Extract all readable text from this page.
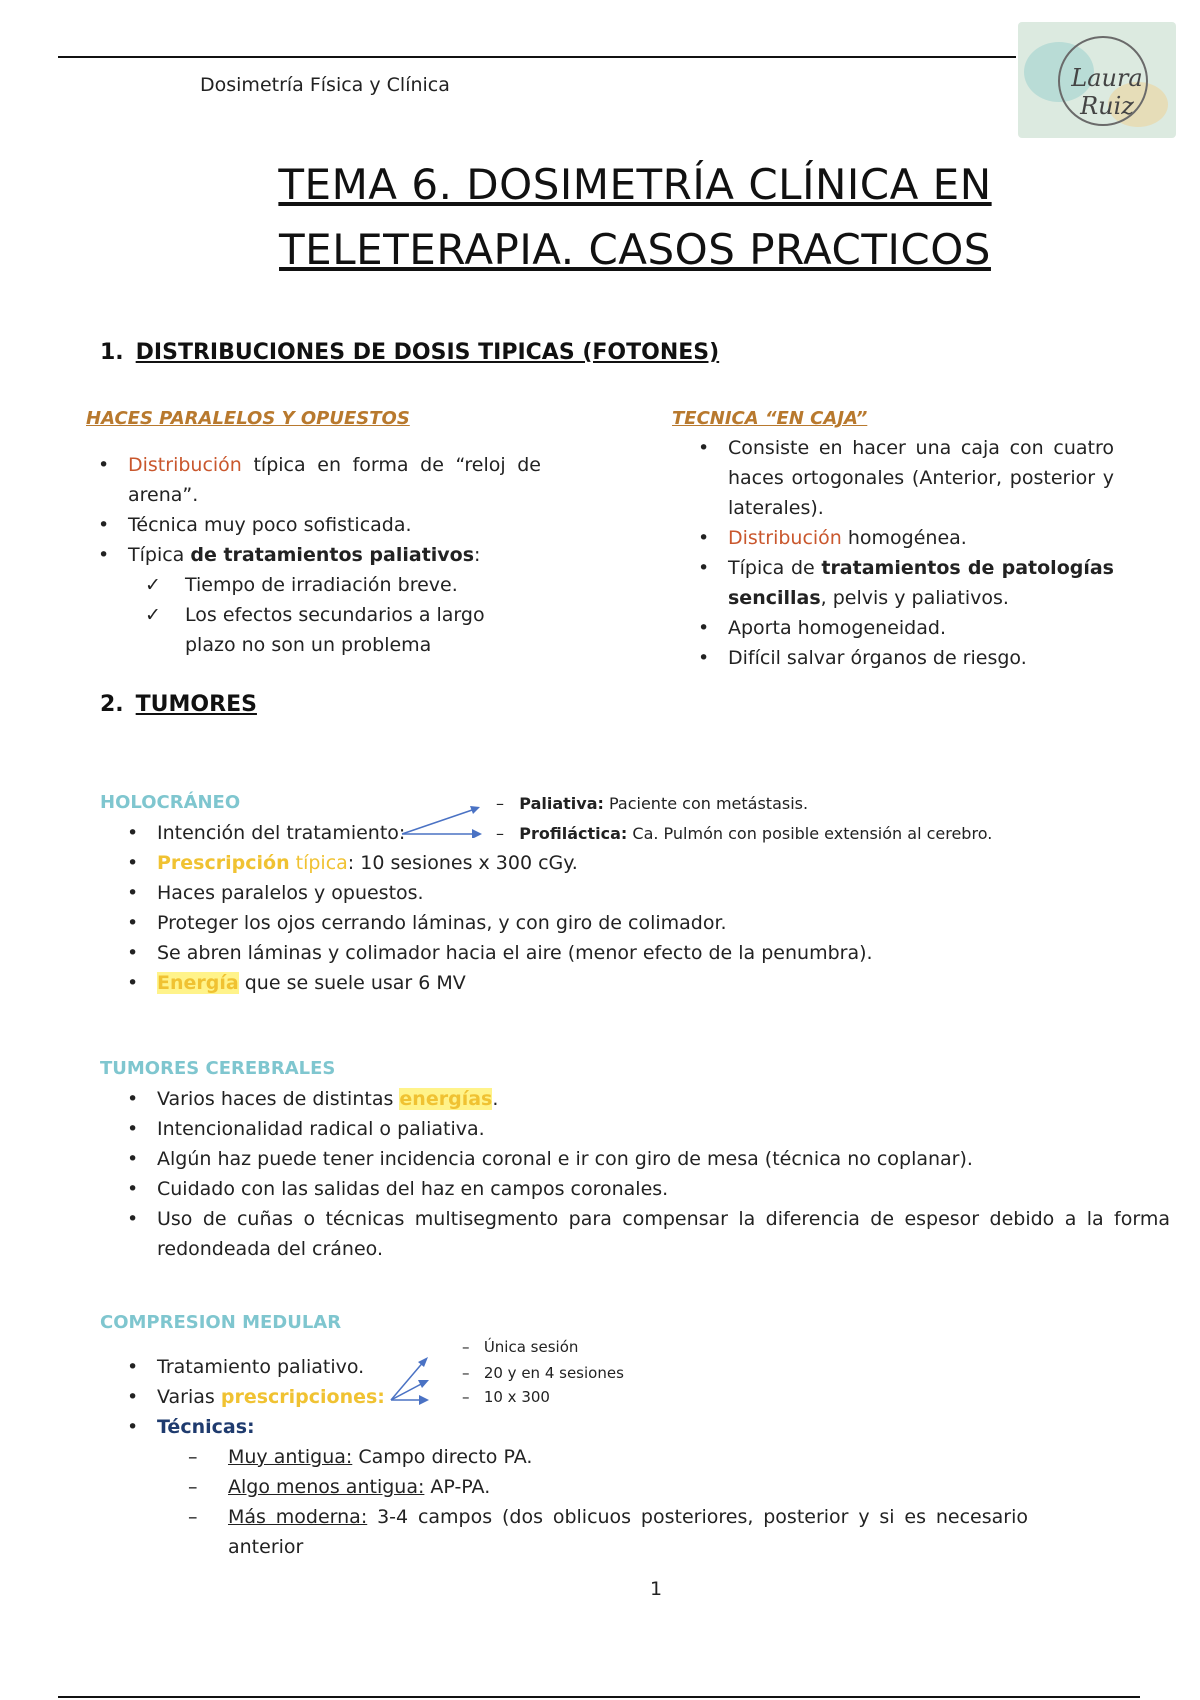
Dosimetría Física y Clínica	Laura Ruiz
TEMA 6. DOSIMETRÍA CLÍNICA EN
TELETERAPIA. CASOS PRACTICOS
1. DISTRIBUCIONES DE DOSIS TIPICAS (FOTONES)
HACES PARALELOS Y OPUESTOS
• Distribución típica en forma de “reloj de arena”.
• Técnica muy poco sofisticada.
• Típica de tratamientos paliativos:
✓ Tiempo de irradiación breve.
✓ Los efectos secundarios a largo plazo no son un problema
TECNICA “EN CAJA”
• Consiste en hacer una caja con cuatro haces ortogonales (Anterior, posterior y laterales).
• Distribución homogénea.
• Típica de tratamientos de patologías sencillas, pelvis y paliativos.
• Aporta homogeneidad.
• Difícil salvar órganos de riesgo.
2. TUMORES
HOLOCRÁNEO
• Intención del tratamiento:
• Prescripción típica: 10 sesiones x 300 cGy.
• Haces paralelos y opuestos.
• Proteger los ojos cerrando láminas, y con giro de colimador.
• Se abren láminas y colimador hacia el aire (menor efecto de la penumbra).
• Energía que se suele usar 6 MV
–   Paliativa: Paciente con metástasis.
–   Profiláctica: Ca. Pulmón con posible extensión al cerebro.
TUMORES CEREBRALES
• Varios haces de distintas energías.
• Intencionalidad radical o paliativa.
• Algún haz puede tener incidencia coronal e ir con giro de mesa (técnica no coplanar).
• Cuidado con las salidas del haz en campos coronales.
• Uso de cuñas o técnicas multisegmento para compensar la diferencia de espesor debido a la forma redondeada del cráneo.
COMPRESION MEDULAR
• Tratamiento paliativo.
• Varias prescripciones:
• Técnicas:
– Muy antigua: Campo directo PA.
– Algo menos antigua: AP-PA.
– Más moderna: 3-4 campos (dos oblicuos posteriores, posterior y si es necesario anterior
–   Única sesión
–   20 y en 4 sesiones
–   10 x 300
1
